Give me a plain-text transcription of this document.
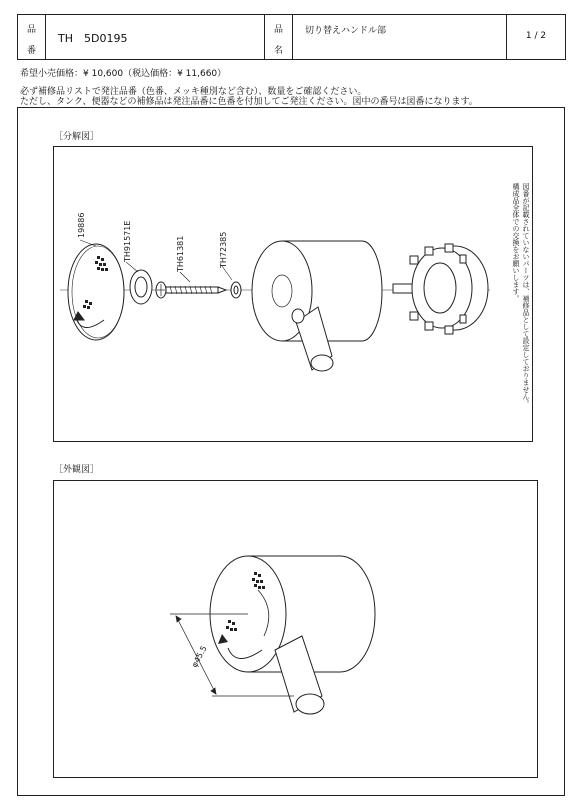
品
番
TH　5D0195
品
名
切り替えハンドル部	1 / 2
希望小売価格：¥ 10,600（税込価格：¥ 11,660）
必ず補修品リストで発注品番（色番、メッキ種別など含む）、数量をご確認ください。
ただし、タンク、便器などの補修品は発注品番に色番を付加してご発注ください。図中の番号は図番になります。
［分解図］
19886	TH91571E	TH61381	TH72385	図番が記載されていないパーツは、補修品として設定しておりません。
構成品全体での交換をお願いします。
［外観図］
φ45.5
